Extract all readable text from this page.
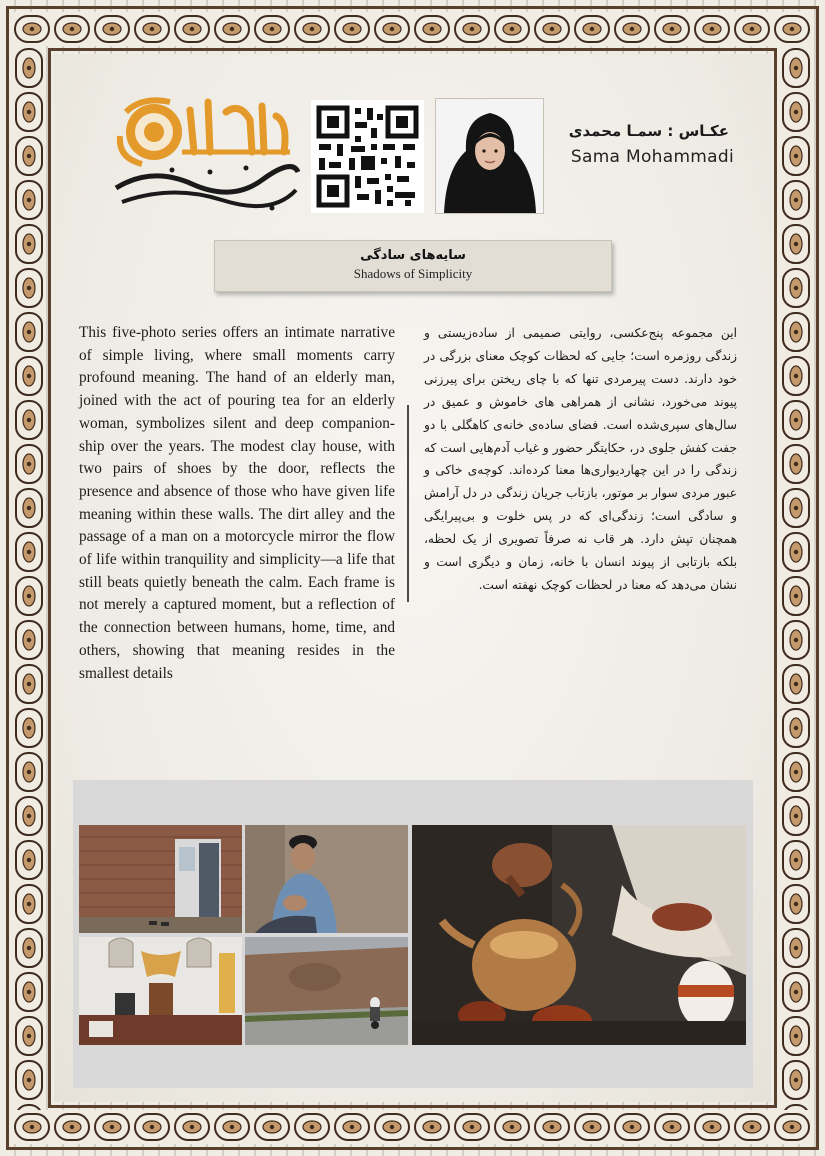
عکـاس : سمـا محمدی
Sama Mohammadi
سایه‌های سادگی
Shadows of Simplicity
This five-photo series offers an intimate narrative of simple living, where small moments carry profound meaning. The hand of an elderly man, joined with the act of pouring tea for an elderly woman, symbolizes silent and deep companion-ship over the years. The modest clay house, with two pairs of shoes by the door, reflects the presence and absence of those who have given life meaning within these walls. The dirt alley and the passage of a man on a motorcycle mirror the flow of life within tranquility and simplicity—a life that still beats quietly beneath the calm. Each frame is not merely a captured moment, but a reflection of the connection between humans, home, time, and others, showing that meaning resides in the smallest details
این مجموعه پنج‌عکسی، روایتی صمیمی از ساده‌زیستی و زندگی روزمره است؛ جایی که لحظات کوچک معنای بزرگی در خود دارند. دست پیرمردی تنها که با چای ریختن برای پیرزنی پیوند می‌خورد، نشانی از همراهی های خاموش و عمیق در سال‌های سپری‌شده است. فضای ساده‌ی خانه‌ی کاهگلی با دو جفت کفش جلوی در، حکایتگر حضور و غیاب آدم‌هایی است که زندگی را در این چهاردیواری‌ها معنا کرده‌اند. کوچه‌ی خاکی و عبور مردی سوار بر موتور، بازتاب جریان زندگی در دل آرامش و سادگی است؛ زندگی‌ای که در پس خلوت و بی‌پیرایگی همچنان تپش دارد. هر قاب نه صرفاً تصویری از یک لحظه، بلکه بازتابی از پیوند انسان با خانه، زمان و دیگری است و نشان می‌دهد که معنا در لحظات کوچک نهفته است.
